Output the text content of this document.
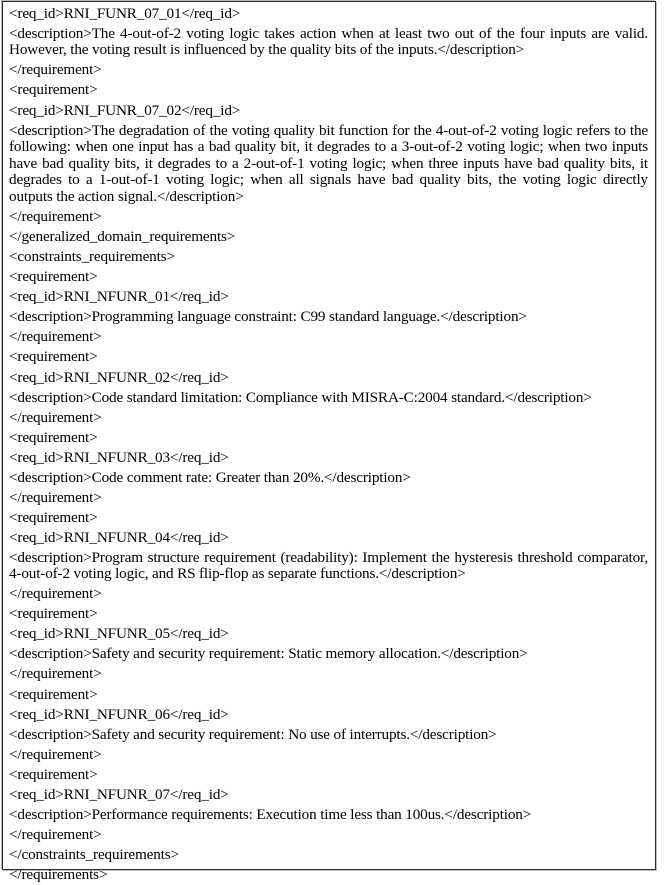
<req_id>RNI_FUNR_07_01</req_id>
<description>The 4-out-of-2 voting logic takes action when at least two out of the four inputs are valid. However, the voting result is influenced by the quality bits of the inputs.</description>
</requirement>
<requirement>
<req_id>RNI_FUNR_07_02</req_id>
<description>The degradation of the voting quality bit function for the 4-out-of-2 voting logic refers to the following: when one input has a bad quality bit, it degrades to a 3-out-of-2 voting logic; when two inputs have bad quality bits, it degrades to a 2-out-of-1 voting logic; when three inputs have bad quality bits, it degrades to a 1-out-of-1 voting logic; when all signals have bad quality bits, the voting logic directly outputs the action signal.</description>
</requirement>
</generalized_domain_requirements>
<constraints_requirements>
<requirement>
<req_id>RNI_NFUNR_01</req_id>
<description>Programming language constraint: C99 standard language.</description>
</requirement>
<requirement>
<req_id>RNI_NFUNR_02</req_id>
<description>Code standard limitation: Compliance with MISRA-C:2004 standard.</description>
</requirement>
<requirement>
<req_id>RNI_NFUNR_03</req_id>
<description>Code comment rate: Greater than 20%.</description>
</requirement>
<requirement>
<req_id>RNI_NFUNR_04</req_id>
<description>Program structure requirement (readability): Implement the hysteresis threshold comparator, 4-out-of-2 voting logic, and RS flip-flop as separate functions.</description>
</requirement>
<requirement>
<req_id>RNI_NFUNR_05</req_id>
<description>Safety and security requirement: Static memory allocation.</description>
</requirement>
<requirement>
<req_id>RNI_NFUNR_06</req_id>
<description>Safety and security requirement: No use of interrupts.</description>
</requirement>
<requirement>
<req_id>RNI_NFUNR_07</req_id>
<description>Performance requirements: Execution time less than 100us.</description>
</requirement>
</constraints_requirements>
</requirements>
